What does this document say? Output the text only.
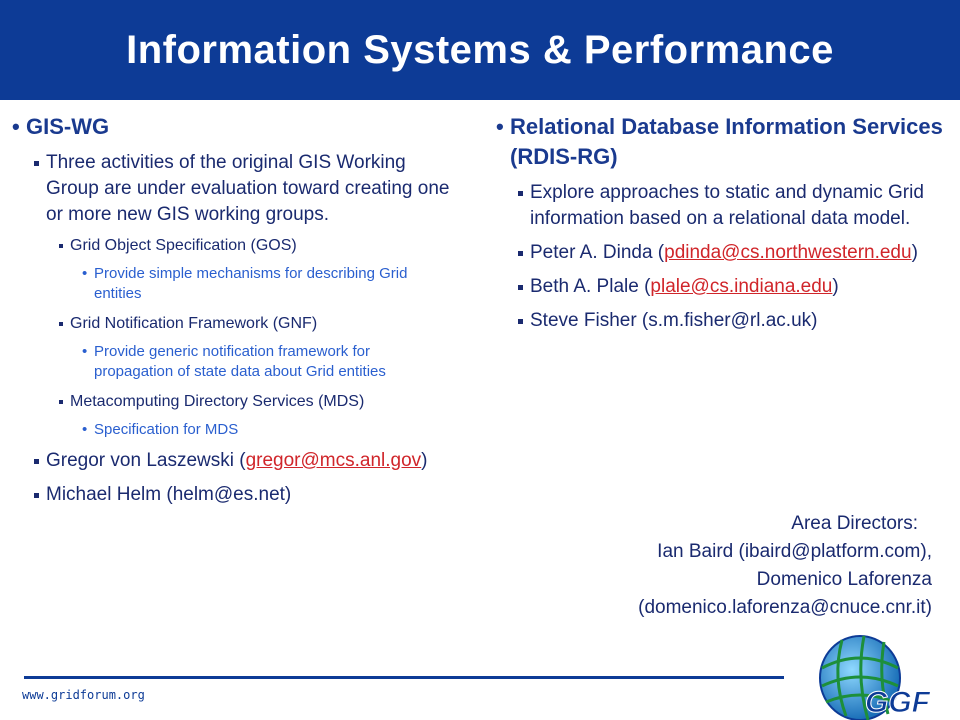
Information Systems & Performance
• GIS-WG
Three activities of the original GIS Working Group are under evaluation toward creating one or more new GIS working groups.
Grid Object Specification (GOS)
• Provide simple mechanisms for describing Grid entities
Grid Notification Framework (GNF)
• Provide generic notification framework for propagation of state data about Grid entities
Metacomputing Directory Services (MDS)
• Specification for MDS
Gregor von Laszewski (gregor@mcs.anl.gov)
Michael Helm (helm@es.net)
• Relational Database Information Services (RDIS-RG)
Explore approaches to static and dynamic Grid information based on a relational data model.
Peter A. Dinda (pdinda@cs.northwestern.edu)
Beth A. Plale (plale@cs.indiana.edu)
Steve Fisher (s.m.fisher@rl.ac.uk)
Area Directors:
Ian Baird (ibaird@platform.com),
Domenico Laforenza
(domenico.laforenza@cnuce.cnr.it)
www.gridforum.org	GGF
